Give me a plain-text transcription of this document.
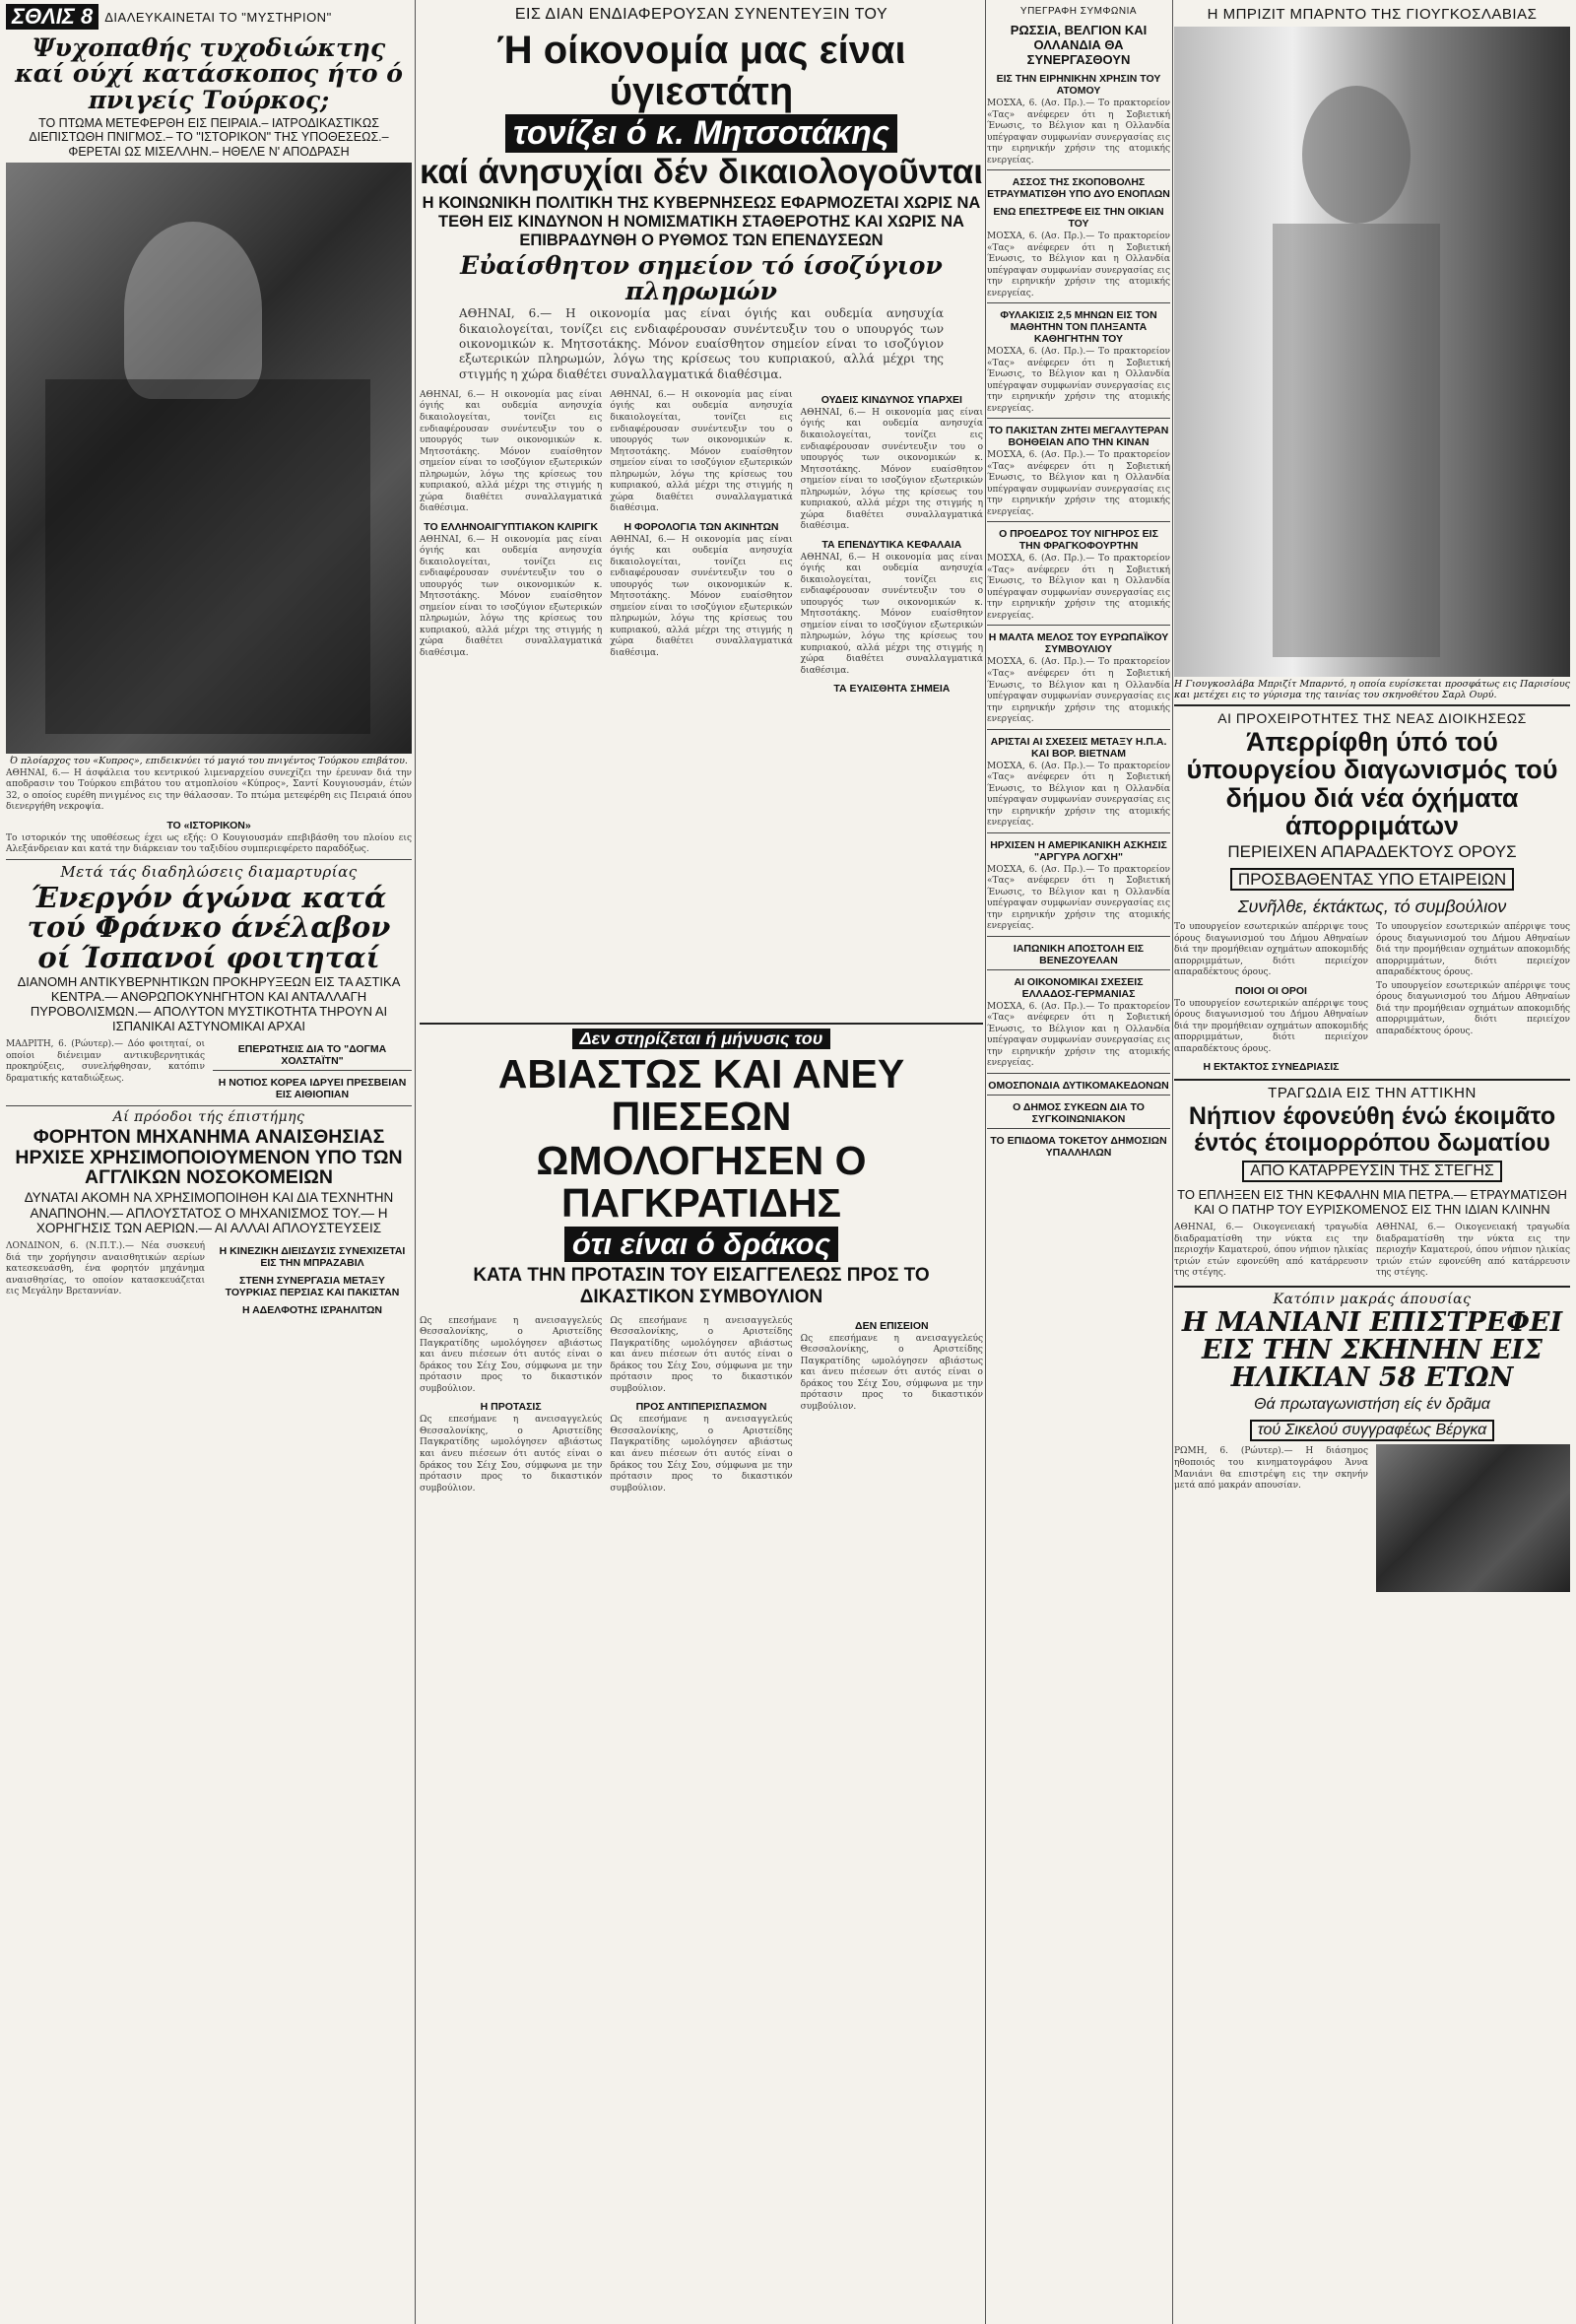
ΣΘΛΙΣ 8 ΔΙΑΛΕΥΚΑΙΝΕΤΑΙ ΤΟ "ΜΥΣΤΗΡΙΟΝ"
Ψυχοπαθής τυχοδιώκτης καί ούχί κατάσκοπος ήτο ό πνιγείς Τούρκος;
ΤΟ ΠΤΩΜΑ ΜΕΤΕΦΕΡΘΗ ΕΙΣ ΠΕΙΡΑΙΑ.– ΙΑΤΡΟΔΙΚΑΣΤΙΚΩΣ ΔΙΕΠΙΣΤΩΘΗ ΠΝΙΓΜΟΣ.– ΤΟ "ΙΣΤΟΡΙΚΟΝ" ΤΗΣ ΥΠΟΘΕΣΕΩΣ.– ΦΕΡΕΤΑΙ ΩΣ ΜΙΣΕΛΛΗΝ.– ΗΘΕΛΕ Ν' ΑΠΟΔΡΑΣΗ
Ό πλοίαρχος του «Κυπρος», επιδεικνύει τό μαγιό του πνιγέντος Τούρκου επιβάτου.
ΑΘΗΝΑΙ, 6.— Η άσφάλεια του κεντρικού λιμεναρχείου συνεχίζει την έρευναν διά την αποδρασιν του Τούρκου επιβάτου του ατμοπλοίου «Κύπρος», Σαντί Κουγιουσμάν, έτών 32, ο οποίος ευρέθη πνιγμένος εις την θάλασσαν. Το πτώμα μετεφέρθη εις Πειραιά όπου διενεργήθη νεκροψία.
ΤΟ «ΙΣΤΟΡΙΚΟΝ»
Το ιστορικόν της υποθέσεως έχει ως εξής: Ο Κουγιουσμάν επεβιβάσθη του πλοίου εις Αλεξάνδρειαν και κατά την διάρκειαν του ταξιδίου συμπεριεφέρετο παραδόξως.
Μετά τάς διαδηλώσεις διαμαρτυρίας
Ένεργόν άγώνα κατά τού Φράνκο άνέλαβον οί Ίσπανοί φοιτηταί
ΔΙΑΝΟΜΗ ΑΝΤΙΚΥΒΕΡΝΗΤΙΚΩΝ ΠΡΟΚΗΡΥΞΕΩΝ ΕΙΣ ΤΑ ΑΣΤΙΚΑ ΚΕΝΤΡΑ.— ΑΝΘΡΩΠΟΚΥΝΗΓΗΤΟΝ ΚΑΙ ΑΝΤΑΛΛΑΓΗ ΠΥΡΟΒΟΛΙΣΜΩΝ.— ΑΠΟΛΥΤΟΝ ΜΥΣΤΙΚΟΤΗΤΑ ΤΗΡΟΥΝ ΑΙ ΙΣΠΑΝΙΚΑΙ ΑΣΤΥΝΟΜΙΚΑΙ ΑΡΧΑΙ
ΜΑΔΡΙΤΗ, 6. (Ρώυτερ).— Δόο φοιτηταί, οι οποίοι διένειμαν αντικυβερνητικάς προκηρύξεις, συνελήφθησαν, κατόπιν δραματικής καταδιώξεως.
ΕΠΕΡΩΤΗΣΙΣ ΔΙΑ ΤΟ "ΔΟΓΜΑ ΧΟΛΣΤΑΪΤΝ"
Η ΝΟΤΙΟΣ ΚΟΡΕΑ ΙΔΡΥΕΙ ΠΡΕΣΒΕΙΑΝ ΕΙΣ ΑΙΘΙΟΠΙΑΝ
Αί πρόοδοι τής έπιστήμης
ΦΟΡΗΤΟΝ ΜΗΧΑΝΗΜΑ ΑΝΑΙΣΘΗΣΙΑΣ ΗΡΧΙΣΕ ΧΡΗΣΙΜΟΠΟΙΟΥΜΕΝΟΝ ΥΠΟ ΤΩΝ ΑΓΓΛΙΚΩΝ ΝΟΣΟΚΟΜΕΙΩΝ
ΔΥΝΑΤΑΙ ΑΚΟΜΗ ΝΑ ΧΡΗΣΙΜΟΠΟΙΗΘΗ ΚΑΙ ΔΙΑ ΤΕΧΝΗΤΗΝ ΑΝΑΠΝΟΗΝ.— ΑΠΛΟΥΣΤΑΤΟΣ Ο ΜΗΧΑΝΙΣΜΟΣ ΤΟΥ.— Η ΧΟΡΗΓΗΣΙΣ ΤΩΝ ΑΕΡΙΩΝ.— ΑΙ ΑΛΛΑΙ ΑΠΛΟΥΣΤΕΥΣΕΙΣ
ΛΟΝΔΙΝΟΝ, 6. (Ν.Π.Τ.).— Νέα συσκευή διά την χορήγησιν αναισθητικών αερίων κατεσκευάσθη, ένα φορητόν μηχάνημα αναισθησίας, το οποίον κατασκευάζεται εις Μεγάλην Βρεταννίαν.
Η ΚΙΝΕΖΙΚΗ ΔΙΕΙΣΔΥΣΙΣ ΣΥΝΕΧΙΖΕΤΑΙ ΕΙΣ ΤΗΝ ΜΠΡΑΖΑΒΙΛ
ΣΤΕΝΗ ΣΥΝΕΡΓΑΣΙΑ ΜΕΤΑΞΥ ΤΟΥΡΚΙΑΣ ΠΕΡΣΙΑΣ ΚΑΙ ΠΑΚΙΣΤΑΝ
Η ΑΔΕΛΦΟΤΗΣ ΙΣΡΑΗΛΙΤΩΝ
ΕΙΣ ΔΙΑΝ ΕΝΔΙΑΦΕΡΟΥΣΑΝ ΣΥΝΕΝΤΕΥΞΙΝ ΤΟΥ
Ή οίκονομία μας είναι ύγιεστάτη
τονίζει ό κ. Μητσοτάκης
καί άνησυχίαι δέν δικαιολογοῦνται
Η ΚΟΙΝΩΝΙΚΗ ΠΟΛΙΤΙΚΗ ΤΗΣ ΚΥΒΕΡΝΗΣΕΩΣ ΕΦΑΡΜΟΖΕΤΑΙ ΧΩΡΙΣ ΝΑ ΤΕΘΗ ΕΙΣ ΚΙΝΔΥΝΟΝ Η ΝΟΜΙΣΜΑΤΙΚΗ ΣΤΑΘΕΡΟΤΗΣ ΚΑΙ ΧΩΡΙΣ ΝΑ ΕΠΙΒΡΑΔΥΝΘΗ Ο ΡΥΘΜΟΣ ΤΩΝ ΕΠΕΝΔΥΣΕΩΝ
Εὐαίσθητον σημείον τό ίσοζύγιον πληρωμών
ΑΘΗΝΑΙ, 6.— Η οικονομία μας είναι όγιής και ουδεμία ανησυχία δικαιολογείται, τονίζει εις ενδιαφέρουσαν συνέντευξιν του ο υπουργός των οικονομικών κ. Μητσοτάκης. Μόνον ευαίσθητον σημείον είναι το ισοζύγιον εξωτερικών πληρωμών, λόγω της κρίσεως του κυπριακού, αλλά μέχρι της στιγμής η χώρα διαθέτει συναλλαγματικά διαθέσιμα.
ΑΘΗΝΑΙ, 6.— Η οικονομία μας είναι όγιής και ουδεμία ανησυχία δικαιολογείται, τονίζει εις ενδιαφέρουσαν συνέντευξιν του ο υπουργός των οικονομικών κ. Μητσοτάκης. Μόνον ευαίσθητον σημείον είναι το ισοζύγιον εξωτερικών πληρωμών, λόγω της κρίσεως του κυπριακού, αλλά μέχρι της στιγμής η χώρα διαθέτει συναλλαγματικά διαθέσιμα.
ΤΟ ΕΛΛΗΝΟΑΙΓΥΠΤΙΑΚΟΝ ΚΛΙΡΙΓΚ
ΑΘΗΝΑΙ, 6.— Η οικονομία μας είναι όγιής και ουδεμία ανησυχία δικαιολογείται, τονίζει εις ενδιαφέρουσαν συνέντευξιν του ο υπουργός των οικονομικών κ. Μητσοτάκης. Μόνον ευαίσθητον σημείον είναι το ισοζύγιον εξωτερικών πληρωμών, λόγω της κρίσεως του κυπριακού, αλλά μέχρι της στιγμής η χώρα διαθέτει συναλλαγματικά διαθέσιμα.
ΑΘΗΝΑΙ, 6.— Η οικονομία μας είναι όγιής και ουδεμία ανησυχία δικαιολογείται, τονίζει εις ενδιαφέρουσαν συνέντευξιν του ο υπουργός των οικονομικών κ. Μητσοτάκης. Μόνον ευαίσθητον σημείον είναι το ισοζύγιον εξωτερικών πληρωμών, λόγω της κρίσεως του κυπριακού, αλλά μέχρι της στιγμής η χώρα διαθέτει συναλλαγματικά διαθέσιμα.
Η ΦΟΡΟΛΟΓΙΑ ΤΩΝ ΑΚΙΝΗΤΩΝ
ΑΘΗΝΑΙ, 6.— Η οικονομία μας είναι όγιής και ουδεμία ανησυχία δικαιολογείται, τονίζει εις ενδιαφέρουσαν συνέντευξιν του ο υπουργός των οικονομικών κ. Μητσοτάκης. Μόνον ευαίσθητον σημείον είναι το ισοζύγιον εξωτερικών πληρωμών, λόγω της κρίσεως του κυπριακού, αλλά μέχρι της στιγμής η χώρα διαθέτει συναλλαγματικά διαθέσιμα.
ΟΥΔΕΙΣ ΚΙΝΔΥΝΟΣ ΥΠΑΡΧΕΙ
ΑΘΗΝΑΙ, 6.— Η οικονομία μας είναι όγιής και ουδεμία ανησυχία δικαιολογείται, τονίζει εις ενδιαφέρουσαν συνέντευξιν του ο υπουργός των οικονομικών κ. Μητσοτάκης. Μόνον ευαίσθητον σημείον είναι το ισοζύγιον εξωτερικών πληρωμών, λόγω της κρίσεως του κυπριακού, αλλά μέχρι της στιγμής η χώρα διαθέτει συναλλαγματικά διαθέσιμα.
ΤΑ ΕΠΕΝΔΥΤΙΚΑ ΚΕΦΑΛΑΙΑ
ΑΘΗΝΑΙ, 6.— Η οικονομία μας είναι όγιής και ουδεμία ανησυχία δικαιολογείται, τονίζει εις ενδιαφέρουσαν συνέντευξιν του ο υπουργός των οικονομικών κ. Μητσοτάκης. Μόνον ευαίσθητον σημείον είναι το ισοζύγιον εξωτερικών πληρωμών, λόγω της κρίσεως του κυπριακού, αλλά μέχρι της στιγμής η χώρα διαθέτει συναλλαγματικά διαθέσιμα.
ΤΑ ΕΥΑΙΣΘΗΤΑ ΣΗΜΕΙΑ
Δεν στηρίζεται ή μήνυσις του
ΑΒΙΑΣΤΩΣ ΚΑΙ ΑΝΕΥ ΠΙΕΣΕΩΝ
ΩΜΟΛΟΓΗΣΕΝ Ο ΠΑΓΚΡΑΤΙΔΗΣ
ότι είναι ό δράκος
ΚΑΤΑ ΤΗΝ ΠΡΟΤΑΣΙΝ ΤΟΥ ΕΙΣΑΓΓΕΛΕΩΣ ΠΡΟΣ ΤΟ ΔΙΚΑΣΤΙΚΟΝ ΣΥΜΒΟΥΛΙΟΝ
Ως επεσήμανε η ανεισαγγελεύς Θεσσαλονίκης, ο Αριστείδης Παγκρατίδης ωμολόγησεν αβιάστως και άνευ πιέσεων ότι αυτός είναι ο δράκος του Σέιχ Σου, σύμφωνα με την πρότασιν προς το δικαστικόν συμβούλιον.
Η ΠΡΟΤΑΣΙΣ
Ως επεσήμανε η ανεισαγγελεύς Θεσσαλονίκης, ο Αριστείδης Παγκρατίδης ωμολόγησεν αβιάστως και άνευ πιέσεων ότι αυτός είναι ο δράκος του Σέιχ Σου, σύμφωνα με την πρότασιν προς το δικαστικόν συμβούλιον.
Ως επεσήμανε η ανεισαγγελεύς Θεσσαλονίκης, ο Αριστείδης Παγκρατίδης ωμολόγησεν αβιάστως και άνευ πιέσεων ότι αυτός είναι ο δράκος του Σέιχ Σου, σύμφωνα με την πρότασιν προς το δικαστικόν συμβούλιον.
ΠΡΟΣ ΑΝΤΙΠΕΡΙΣΠΑΣΜΟΝ
Ως επεσήμανε η ανεισαγγελεύς Θεσσαλονίκης, ο Αριστείδης Παγκρατίδης ωμολόγησεν αβιάστως και άνευ πιέσεων ότι αυτός είναι ο δράκος του Σέιχ Σου, σύμφωνα με την πρότασιν προς το δικαστικόν συμβούλιον.
ΔΕΝ ΕΠΙΣΕΙΟΝ
Ως επεσήμανε η ανεισαγγελεύς Θεσσαλονίκης, ο Αριστείδης Παγκρατίδης ωμολόγησεν αβιάστως και άνευ πιέσεων ότι αυτός είναι ο δράκος του Σέιχ Σου, σύμφωνα με την πρότασιν προς το δικαστικόν συμβούλιον.
ΥΠΕΓΡΑΦΗ ΣΥΜΦΩΝΙΑ
ΡΩΣΣΙΑ, ΒΕΛΓΙΟΝ ΚΑΙ ΟΛΛΑΝΔΙΑ ΘΑ ΣΥΝΕΡΓΑΣΘΟΥΝ
ΕΙΣ ΤΗΝ ΕΙΡΗΝΙΚΗΝ ΧΡΗΣΙΝ ΤΟΥ ΑΤΟΜΟΥ
ΜΟΣΧΑ, 6. (Ασ. Πρ.).— Το πρακτορείον «Τας» ανέφερεν ότι η Σοβιετική Ένωσις, το Βέλγιον και η Ολλανδία υπέγραψαν συμφωνίαν συνεργασίας εις την ειρηνικήν χρήσιν της ατομικής ενεργείας.
ΑΣΣΟΣ ΤΗΣ ΣΚΟΠΟΒΟΛΗΣ ΕΤΡΑΥΜΑΤΙΣΘΗ ΥΠΟ ΔΥΟ ΕΝΟΠΛΩΝ
ΕΝΩ ΕΠΕΣΤΡΕΦΕ ΕΙΣ ΤΗΝ ΟΙΚΙΑΝ ΤΟΥ
ΜΟΣΧΑ, 6. (Ασ. Πρ.).— Το πρακτορείον «Τας» ανέφερεν ότι η Σοβιετική Ένωσις, το Βέλγιον και η Ολλανδία υπέγραψαν συμφωνίαν συνεργασίας εις την ειρηνικήν χρήσιν της ατομικής ενεργείας.
ΦΥΛΑΚΙΣΙΣ 2,5 ΜΗΝΩΝ ΕΙΣ ΤΟΝ ΜΑΘΗΤΗΝ ΤΟΝ ΠΛΗΞΑΝΤΑ ΚΑΘΗΓΗΤΗΝ ΤΟΥ
ΜΟΣΧΑ, 6. (Ασ. Πρ.).— Το πρακτορείον «Τας» ανέφερεν ότι η Σοβιετική Ένωσις, το Βέλγιον και η Ολλανδία υπέγραψαν συμφωνίαν συνεργασίας εις την ειρηνικήν χρήσιν της ατομικής ενεργείας.
ΤΟ ΠΑΚΙΣΤΑΝ ΖΗΤΕΙ ΜΕΓΑΛΥΤΕΡΑΝ ΒΟΗΘΕΙΑΝ ΑΠΟ ΤΗΝ ΚΙΝΑΝ
ΜΟΣΧΑ, 6. (Ασ. Πρ.).— Το πρακτορείον «Τας» ανέφερεν ότι η Σοβιετική Ένωσις, το Βέλγιον και η Ολλανδία υπέγραψαν συμφωνίαν συνεργασίας εις την ειρηνικήν χρήσιν της ατομικής ενεργείας.
Ο ΠΡΟΕΔΡΟΣ ΤΟΥ ΝΙΓΗΡΟΣ ΕΙΣ ΤΗΝ ΦΡΑΓΚΟΦΟΥΡΤΗΝ
ΜΟΣΧΑ, 6. (Ασ. Πρ.).— Το πρακτορείον «Τας» ανέφερεν ότι η Σοβιετική Ένωσις, το Βέλγιον και η Ολλανδία υπέγραψαν συμφωνίαν συνεργασίας εις την ειρηνικήν χρήσιν της ατομικής ενεργείας.
Η ΜΑΛΤΑ ΜΕΛΟΣ ΤΟΥ ΕΥΡΩΠΑΪΚΟΥ ΣΥΜΒΟΥΛΙΟΥ
ΜΟΣΧΑ, 6. (Ασ. Πρ.).— Το πρακτορείον «Τας» ανέφερεν ότι η Σοβιετική Ένωσις, το Βέλγιον και η Ολλανδία υπέγραψαν συμφωνίαν συνεργασίας εις την ειρηνικήν χρήσιν της ατομικής ενεργείας.
ΑΡΙΣΤΑΙ ΑΙ ΣΧΕΣΕΙΣ ΜΕΤΑΞΥ Η.Π.Α. ΚΑΙ ΒΟΡ. ΒΙΕΤΝΑΜ
ΜΟΣΧΑ, 6. (Ασ. Πρ.).— Το πρακτορείον «Τας» ανέφερεν ότι η Σοβιετική Ένωσις, το Βέλγιον και η Ολλανδία υπέγραψαν συμφωνίαν συνεργασίας εις την ειρηνικήν χρήσιν της ατομικής ενεργείας.
ΗΡΧΙΣΕΝ Η ΑΜΕΡΙΚΑΝΙΚΗ ΑΣΚΗΣΙΣ "ΑΡΓΥΡΑ ΛΟΓΧΗ"
ΜΟΣΧΑ, 6. (Ασ. Πρ.).— Το πρακτορείον «Τας» ανέφερεν ότι η Σοβιετική Ένωσις, το Βέλγιον και η Ολλανδία υπέγραψαν συμφωνίαν συνεργασίας εις την ειρηνικήν χρήσιν της ατομικής ενεργείας.
ΙΑΠΩΝΙΚΗ ΑΠΟΣΤΟΛΗ ΕΙΣ ΒΕΝΕΖΟΥΕΛΑΝ
ΑΙ ΟΙΚΟΝΟΜΙΚΑΙ ΣΧΕΣΕΙΣ ΕΛΛΑΔΟΣ-ΓΕΡΜΑΝΙΑΣ
ΜΟΣΧΑ, 6. (Ασ. Πρ.).— Το πρακτορείον «Τας» ανέφερεν ότι η Σοβιετική Ένωσις, το Βέλγιον και η Ολλανδία υπέγραψαν συμφωνίαν συνεργασίας εις την ειρηνικήν χρήσιν της ατομικής ενεργείας.
ΟΜΟΣΠΟΝΔΙΑ ΔΥΤΙΚΟΜΑΚΕΔΟΝΩΝ
Ο ΔΗΜΟΣ ΣΥΚΕΩΝ ΔΙΑ ΤΟ ΣΥΓΚΟΙΝΩΝΙΑΚΟΝ
ΤΟ ΕΠΙΔΟΜΑ ΤΟΚΕΤΟΥ ΔΗΜΟΣΙΩΝ ΥΠΑΛΛΗΛΩΝ
Η ΜΠΡΙΖΙΤ ΜΠΑΡΝΤΟ ΤΗΣ ΓΙΟΥΓΚΟΣΛΑΒΙΑΣ
Η Γιουγκοσλάβα Μπριζίτ Μπαρντό, η οποία ευρίσκεται προσφάτως εις Παρισίους και μετέχει εις το γύρισμα της ταινίας του σκηνοθέτου Σαρλ Ουρύ.
ΑΙ ΠΡΟΧΕΙΡΟΤΗΤΕΣ ΤΗΣ ΝΕΑΣ ΔΙΟΙΚΗΣΕΩΣ
Άπερρίφθη ύπό τού ύπουργείου διαγωνισμός τού δήμου διά νέα όχήματα άπορριμάτων
ΠΕΡΙΕΙΧΕΝ ΑΠΑΡΑΔΕΚΤΟΥΣ ΟΡΟΥΣ
ΠΡΟΣΒΑΘΕΝΤΑΣ ΥΠΟ ΕΤΑΙΡΕΙΩΝ
Συνῆλθε, έκτάκτως, τό συμβούλιον
Το υπουργείον εσωτερικών απέρριψε τους όρους διαγωνισμού του Δήμου Αθηναίων διά την προμήθειαν οχημάτων αποκομιδής απορριμμάτων, διότι περιείχον απαραδέκτους όρους.
ΠΟΙΟΙ ΟΙ ΟΡΟΙ
Το υπουργείον εσωτερικών απέρριψε τους όρους διαγωνισμού του Δήμου Αθηναίων διά την προμήθειαν οχημάτων αποκομιδής απορριμμάτων, διότι περιείχον απαραδέκτους όρους.
Η ΕΚΤΑΚΤΟΣ ΣΥΝΕΔΡΙΑΣΙΣ
Το υπουργείον εσωτερικών απέρριψε τους όρους διαγωνισμού του Δήμου Αθηναίων διά την προμήθειαν οχημάτων αποκομιδής απορριμμάτων, διότι περιείχον απαραδέκτους όρους.
Το υπουργείον εσωτερικών απέρριψε τους όρους διαγωνισμού του Δήμου Αθηναίων διά την προμήθειαν οχημάτων αποκομιδής απορριμμάτων, διότι περιείχον απαραδέκτους όρους.
ΤΡΑΓΩΔΙΑ ΕΙΣ ΤΗΝ ΑΤΤΙΚΗΝ
Νήπιον έφονεύθη ένώ έκοιμᾶτο έντός έτοιμορρόπου δωματίου
ΑΠΟ ΚΑΤΑΡΡΕΥΣΙΝ ΤΗΣ ΣΤΕΓΗΣ
ΤΟ ΕΠΛΗΞΕΝ ΕΙΣ ΤΗΝ ΚΕΦΑΛΗΝ ΜΙΑ ΠΕΤΡΑ.— ΕΤΡΑΥΜΑΤΙΣΘΗ ΚΑΙ Ο ΠΑΤΗΡ ΤΟΥ ΕΥΡΙΣΚΟΜΕΝΟΣ ΕΙΣ ΤΗΝ ΙΔΙΑΝ ΚΛΙΝΗΝ
ΑΘΗΝΑΙ, 6.— Οικογενειακή τραγωδία διαδραματίσθη την νύκτα εις την περιοχήν Καματερού, όπου νήπιον ηλικίας τριών ετών εφονεύθη από κατάρρευσιν της στέγης.
ΑΘΗΝΑΙ, 6.— Οικογενειακή τραγωδία διαδραματίσθη την νύκτα εις την περιοχήν Καματερού, όπου νήπιον ηλικίας τριών ετών εφονεύθη από κατάρρευσιν της στέγης.
Κατόπιν μακράς άπουσίας
Η ΜΑΝΙΑΝΙ ΕΠΙΣΤΡΕΦΕΙ ΕΙΣ ΤΗΝ ΣΚΗΝΗΝ ΕΙΣ ΗΛΙΚΙΑΝ 58 ΕΤΩΝ
Θά πρωταγωνιστήση είς έν δρᾶμα
τού Σικελού συγγραφέως Βέργκα
ΡΩΜΗ, 6. (Ρώυτερ).— Η διάσημος ηθοποιός του κινηματογράφου Άννα Μανιάνι θα επιστρέψη εις την σκηνήν μετά από μακράν απουσίαν.
